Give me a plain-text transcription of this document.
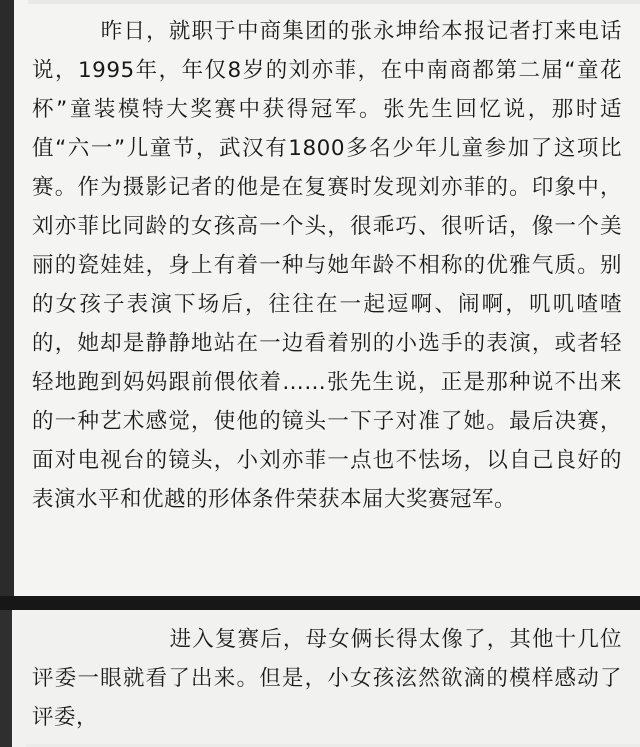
昨日，就职于中商集团的张永坤给本报记者打来电话说，1995年，年仅8岁的刘亦菲，在中南商都第二届“童花杯”童装模特大奖赛中获得冠军。张先生回忆说，那时适值“六一”儿童节，武汉有1800多名少年儿童参加了这项比赛。作为摄影记者的他是在复赛时发现刘亦菲的。印象中，刘亦菲比同龄的女孩高一个头，很乖巧、很听话，像一个美丽的瓷娃娃，身上有着一种与她年龄不相称的优雅气质。别的女孩子表演下场后，往往在一起逗啊、闹啊，叽叽喳喳的，她却是静静地站在一边看着别的小选手的表演，或者轻轻地跑到妈妈跟前偎依着……张先生说，正是那种说不出来的一种艺术感觉，使他的镜头一下子对准了她。最后决赛，面对电视台的镜头，小刘亦菲一点也不怯场，以自己良好的表演水平和优越的形体条件荣获本届大奖赛冠军。

进入复赛后，母女俩长得太像了，其他十几位评委一眼就看了出来。但是，小女孩泫然欲滴的模样感动了评委，
